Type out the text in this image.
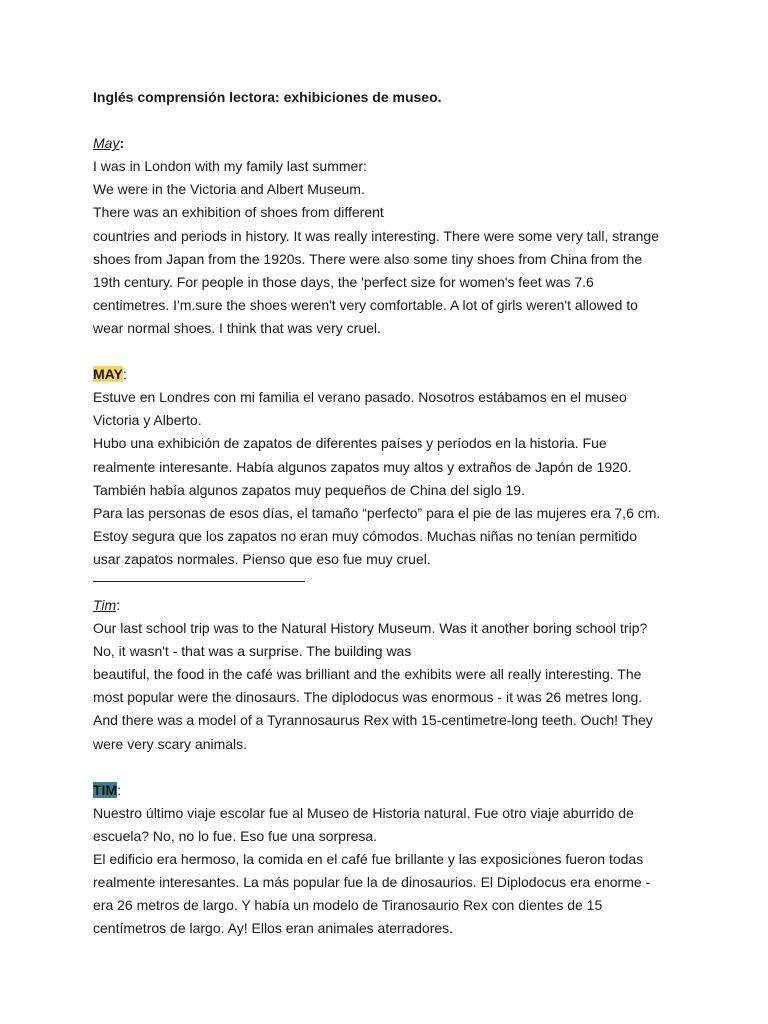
Inglés comprensión lectora: exhibiciones de museo.

May:

I was in London with my family last summer:

We were in the Victoria and Albert Museum.

There was an exhibition of shoes from different

countries and periods in history. It was really interesting. There were some very tall, strange

shoes from Japan from the 1920s. There were also some tiny shoes from China from the

19th century. For people in those days, the 'perfect size for women's feet was 7.6

centimetres. I'm.sure the shoes weren't very comfortable. A lot of girls weren't allowed to

wear normal shoes. I think that was very cruel.

MAY:

Estuve en Londres con mi familia el verano pasado. Nosotros estábamos en el museo

Victoria y Alberto.

Hubo una exhibición de zapatos de diferentes países y períodos en la historia. Fue

realmente interesante. Había algunos zapatos muy altos y extraños de Japón de 1920.

También había algunos zapatos muy pequeños de China del siglo 19.

Para las personas de esos días, el tamaño “perfecto” para el pie de las mujeres era 7,6 cm.

Estoy segura que los zapatos no eran muy cómodos. Muchas niñas no tenían permitido

usar zapatos normales. Pienso que eso fue muy cruel.

Tim:

Our last school trip was to the Natural History Museum. Was it another boring school trip?

No, it wasn't - that was a surprise. The building was

beautiful, the food in the café was brilliant and the exhibits were all really interesting. The

most popular were the dinosaurs. The diplodocus was enormous - it was 26 metres long.

And there was a model of a Tyrannosaurus Rex with 15-centimetre-long teeth. Ouch! They

were very scary animals.

TIM:

Nuestro último viaje escolar fue al Museo de Historia natural. Fue otro viaje aburrido de

escuela? No, no lo fue. Eso fue una sorpresa.

El edificio era hermoso, la comida en el café fue brillante y las exposiciones fueron todas

realmente interesantes. La más popular fue la de dinosaurios. El Diplodocus era enorme -

era 26 metros de largo. Y había un modelo de Tiranosaurio Rex con dientes de 15

centímetros de largo. Ay! Ellos eran animales aterradores.
